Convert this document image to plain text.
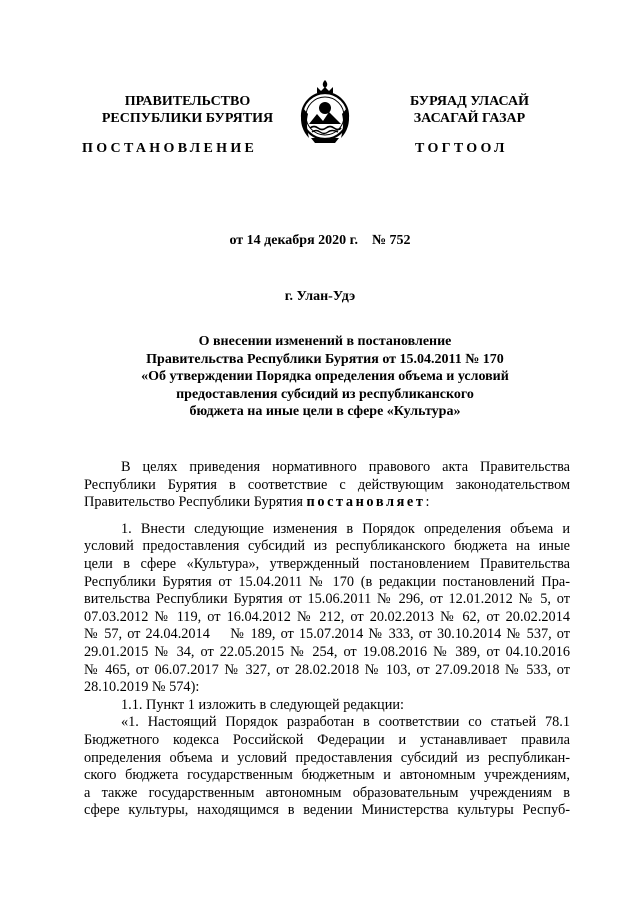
ПРАВИТЕЛЬСТВО
РЕСПУБЛИКИ БУРЯТИЯ
БУРЯАД УЛАСАЙ
ЗАСАГАЙ ГАЗАР
ПОСТАНОВЛЕНИЕ	ТОГТООЛ
от 14 декабря 2020 г.    № 752
г. Улан-Удэ
О внесении изменений в постановление
Правительства Республики Бурятия от 15.04.2011 № 170
«Об утверждении Порядка определения объема и условий
предоставления субсидий из республиканского
бюджета на иные цели в сфере «Культура»
В целях приведения нормативного правового акта Правительства
Республики Бурятия в соответствие с действующим законодательством
Правительство Республики Бурятия постановляет:
1. Внести следующие изменения в Порядок определения объема и
условий предоставления субсидий из республиканского бюджета на иные
цели в сфере «Культура», утвержденный постановлением Правительства
Республики Бурятия от 15.04.2011 № 170 (в редакции постановлений Пра-
вительства Республики Бурятия от 15.06.2011 № 296, от 12.01.2012 № 5, от
07.03.2012 № 119, от 16.04.2012 № 212, от 20.02.2013 № 62, от 20.02.2014
№ 57, от 24.04.2014    № 189, от 15.07.2014 № 333, от 30.10.2014 № 537, от
29.01.2015 № 34, от 22.05.2015 № 254, от 19.08.2016 № 389, от 04.10.2016
№ 465, от 06.07.2017 № 327, от 28.02.2018 № 103, от 27.09.2018 № 533, от
28.10.2019 № 574):
1.1. Пункт 1 изложить в следующей редакции:
«1. Настоящий Порядок разработан в соответствии со статьей 78.1
Бюджетного кодекса Российской Федерации и устанавливает правила
определения объема и условий предоставления субсидий из республикан-
ского бюджета государственным бюджетным и автономным учреждениям,
а также государственным автономным образовательным учреждениям в
сфере культуры, находящимся в ведении Министерства культуры Респуб-
